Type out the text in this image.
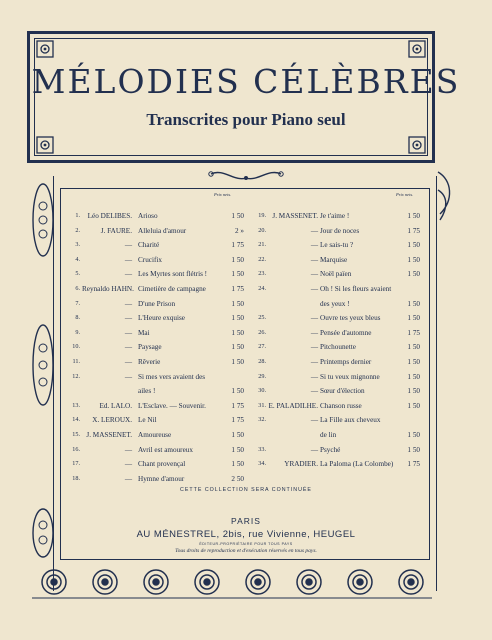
MÉLODIES CÉLÈBRES
Transcrites pour Piano seul
Prix nets.
1.	Léo DELIBES. Arioso	1 50
2.	J. FAURE. Alleluia d'amour	2 »
3.	— Charité	1 75
4.	— Crucifix	1 50
5.	— Les Myrtes sont flétris !	1 50
6. Reynaldo HAHN. Cimetière de campagne	1 75
7.	— D'une Prison	1 50
8.	— L'Heure exquise	1 50
9.	— Mai	1 50
10.	— Paysage	1 50
11.	— Rêverie	1 50
12.	— Si mes vers avaient des
ailes !	1 50
13.	Ed. LALO. L'Esclave. — Souvenir.	1 75
14.	X. LEROUX. Le Nil	1 75
15. J. MASSENET. Amoureuse	1 50
16.	— Avril est amoureux	1 50
17.	— Chant provençal	1 50
18.	— Hymne d'amour	2 50
Prix nets.
19. J. MASSENET. Je t'aime !	1 50
20.	— Jour de noces	1 75
21.	— Le sais-tu ?	1 50
22.	— Marquise	1 50
23.	— Noël païen	1 50
24.	— Oh ! Si les fleurs avaient
des yeux !	1 50
25.	— Ouvre tes yeux bleus	1 50
26.	— Pensée d'automne	1 75
27.	— Pitchounette	1 50
28.	— Printemps dernier	1 50
29.	— Si tu veux mignonne	1 50
30.	— Sœur d'élection	1 50
31. E. PALADILHE. Chanson russe	1 50
32.	— La Fille aux cheveux
de lin	1 50
33.	— Psyché	1 50
34.	YRADIER. La Paloma (La Colombe)	1 75
CETTE COLLECTION SERA CONTINUÉE
PARIS
AU MÉNESTREL, 2bis, rue Vivienne, HEUGEL
ÉDITEUR-PROPRIÉTAIRE POUR TOUS PAYS
Tous droits de reproduction et d'exécution réservés en tous pays.
